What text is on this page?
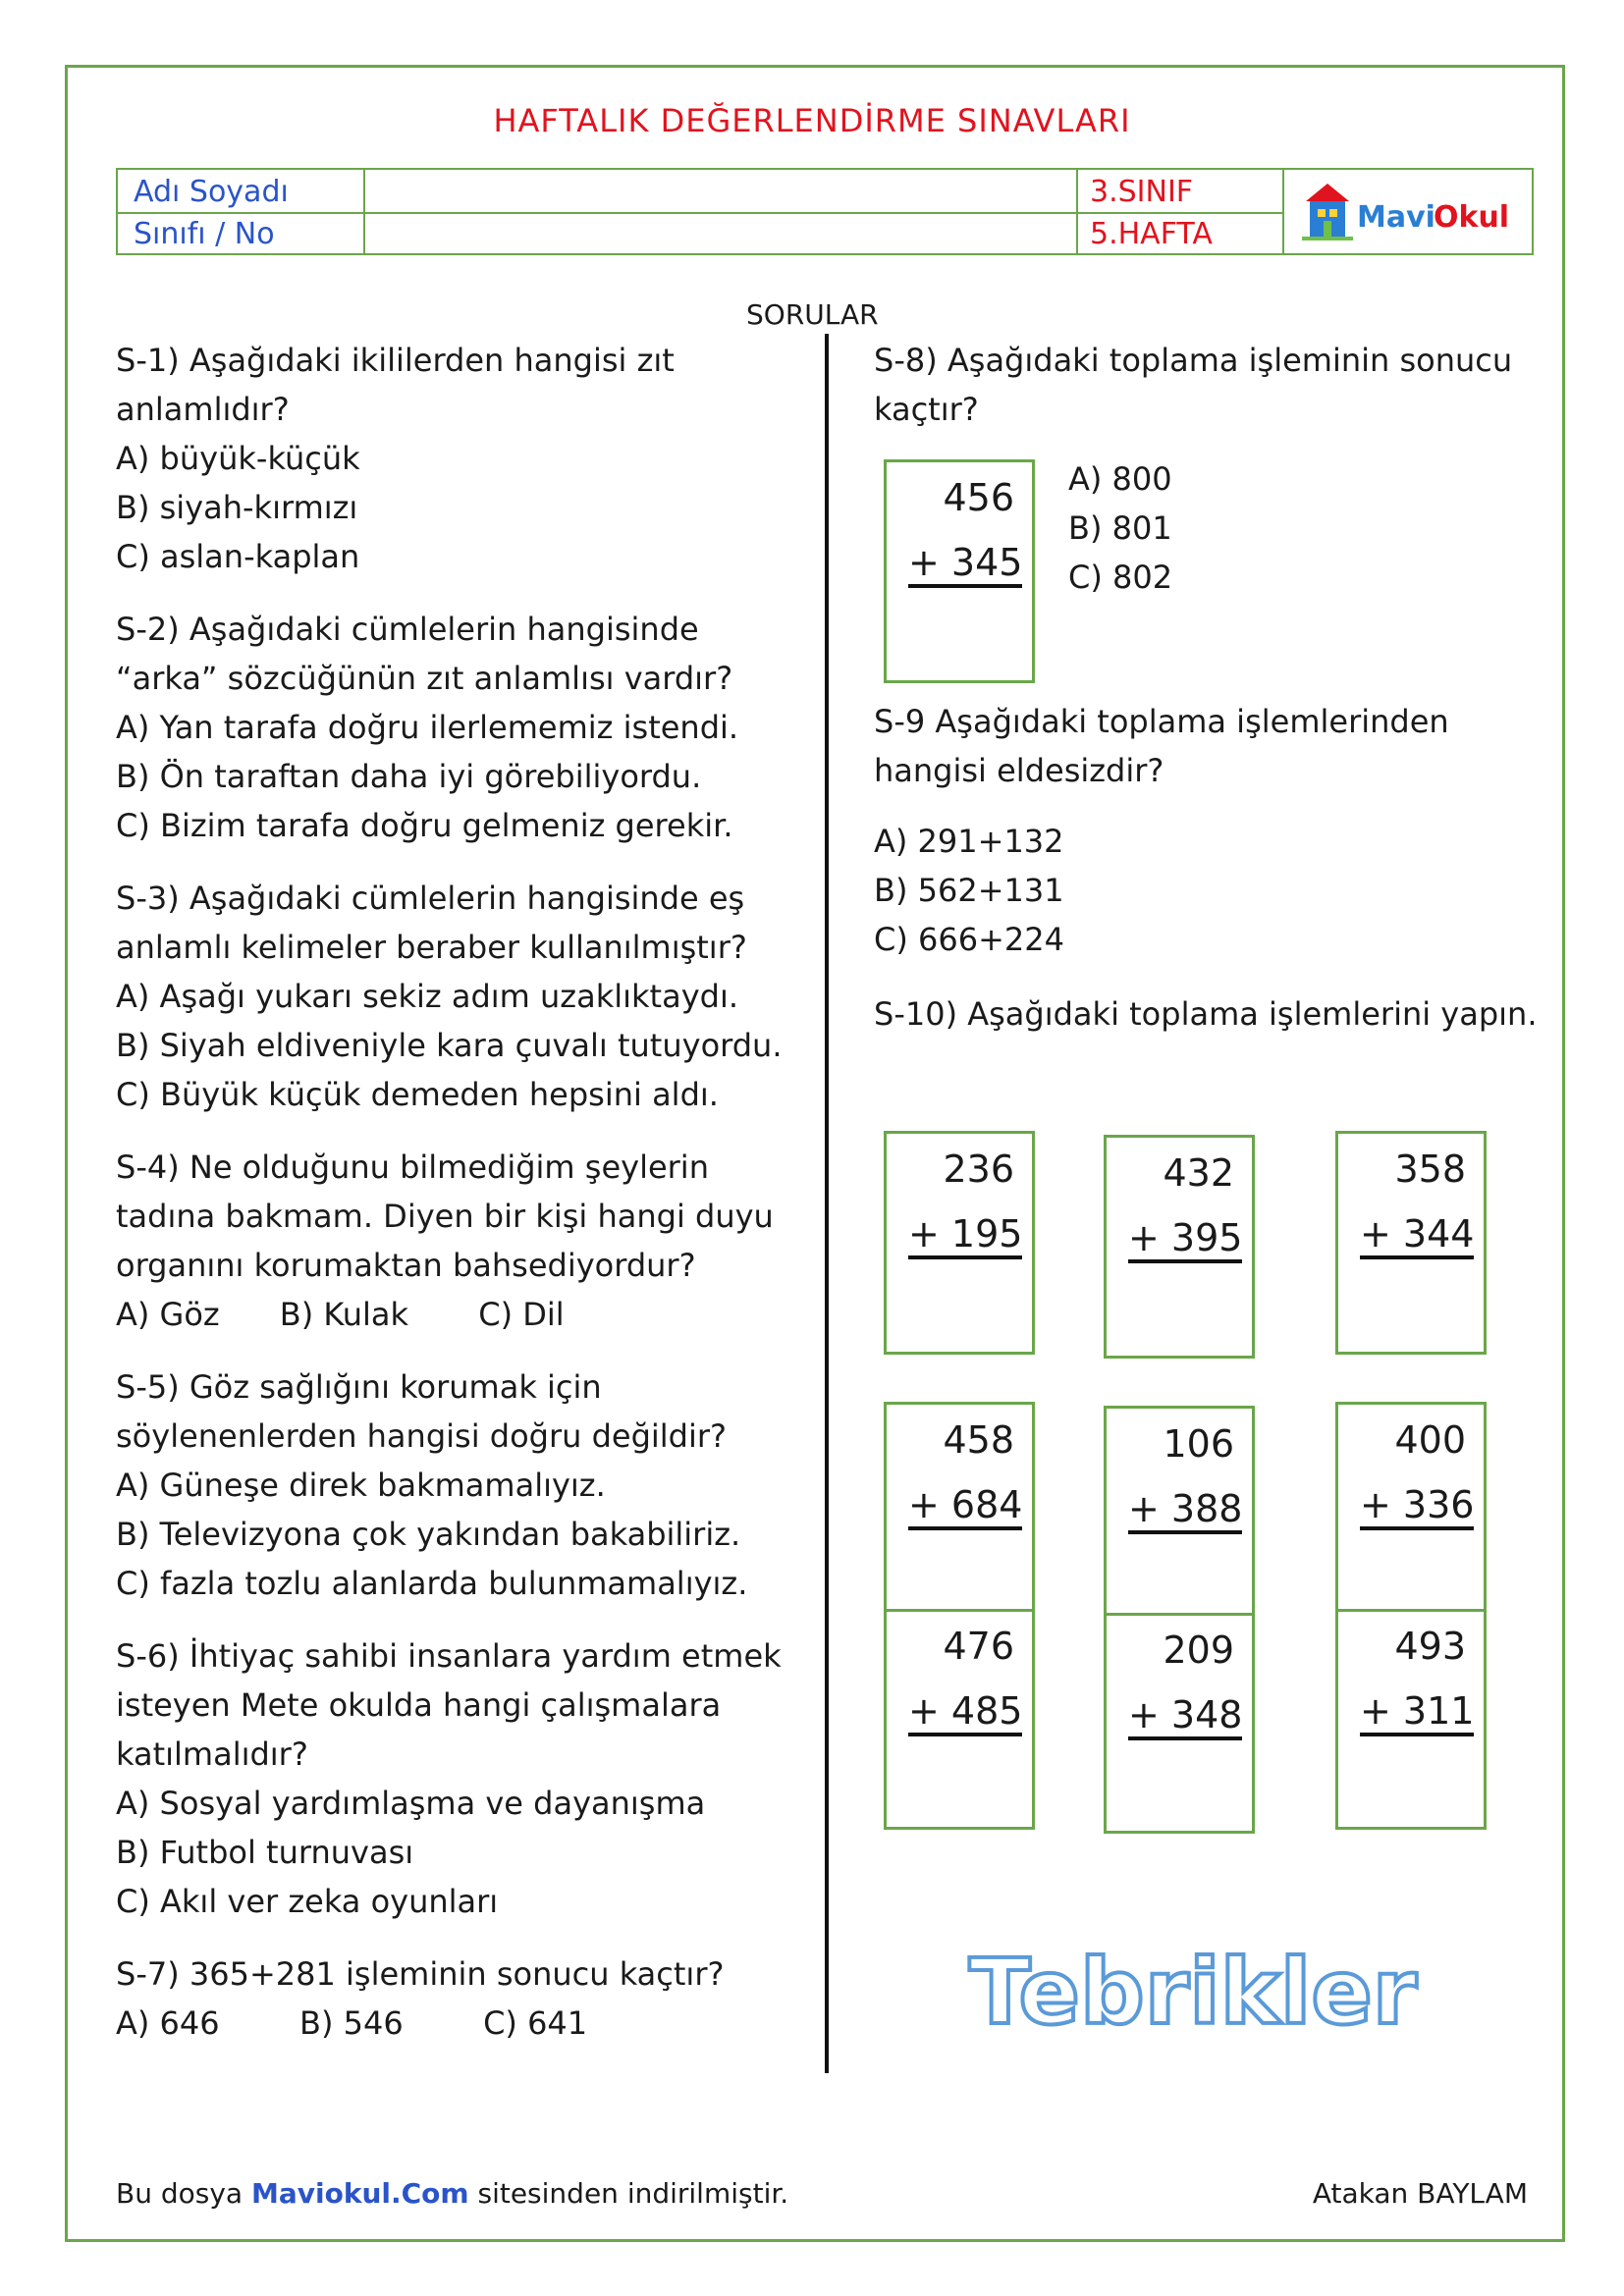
HAFTALIK DEĞERLENDİRME SINAVLARI
Adı Soyadı
Sınıfı / No
3.SINIF
5.HAFTA	Mavi
Okul
SORULAR

S-1) Aşağıdaki ikililerden hangisi zıt

anlamlıdır?

A) büyük-küçük

B) siyah-kırmızı

C) aslan-kaplan

S-2) Aşağıdaki cümlelerin hangisinde

“arka” sözcüğünün zıt anlamlısı vardır?

A) Yan tarafa doğru ilerlememiz istendi.

B) Ön taraftan daha iyi görebiliyordu.

C) Bizim tarafa doğru gelmeniz gerekir.

S-3) Aşağıdaki cümlelerin hangisinde eş

anlamlı kelimeler beraber kullanılmıştır?

A) Aşağı yukarı sekiz adım uzaklıktaydı.

B) Siyah eldiveniyle kara çuvalı tutuyordu.

C) Büyük küçük demeden hepsini aldı.

S-4) Ne olduğunu bilmediğim şeylerin

tadına bakmam. Diyen bir kişi hangi duyu

organını korumaktan bahsediyordur?

A) Göz      B) Kulak       C) Dil

S-5) Göz sağlığını korumak için

söylenenlerden hangisi doğru değildir?

A) Güneşe direk bakmamalıyız.

B) Televizyona çok yakından bakabiliriz.

C) fazla tozlu alanlarda bulunmamalıyız.

S-6) İhtiyaç sahibi insanlara yardım etmek

isteyen Mete okulda hangi çalışmalara

katılmalıdır?

A) Sosyal yardımlaşma ve dayanışma

B) Futbol turnuvası

C) Akıl ver zeka oyunları

S-7) 365+281 işleminin sonucu kaçtır?

A) 646        B) 546        C) 641

S-8) Aşağıdaki toplama işleminin sonucu

kaçtır?

456
+ 345

A) 800

B) 801

C) 802

S-9 Aşağıdaki toplama işlemlerinden

hangisi eldesizdir?

A) 291+132

B) 562+131

C) 666+224

S-10) Aşağıdaki toplama işlemlerini yapın.

236
+ 195
432
+ 395
358
+ 344
458
+ 684
476
+ 485
106
+ 388
209
+ 348
400
+ 336
493
+ 311
Tebrikler
Bu dosya Maviokul.Com sitesinden indirilmiştir.	Atakan BAYLAM
